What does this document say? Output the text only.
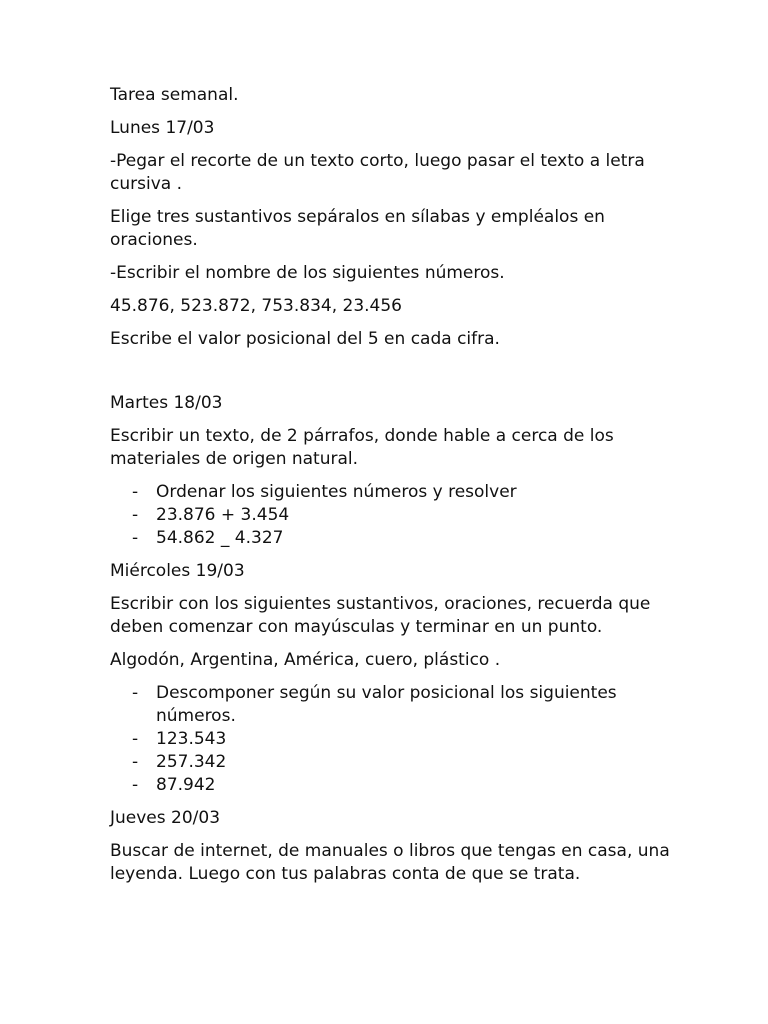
Tarea semanal.

Lunes 17/03

-Pegar el recorte de un texto corto, luego pasar el texto a letra cursiva .

Elige tres sustantivos sepáralos en sílabas y empléalos en oraciones.

-Escribir el nombre de los siguientes números.

45.876, 523.872, 753.834, 23.456

Escribe el valor posicional del 5 en cada cifra.

Martes 18/03

Escribir un texto, de 2 párrafos, donde hable a cerca de los materiales de origen natural.

- Ordenar los siguientes números y resolver
- 23.876 + 3.454
- 54.862 _ 4.327

Miércoles 19/03

Escribir con los siguientes sustantivos, oraciones, recuerda que deben comenzar con mayúsculas y terminar en un punto.

Algodón, Argentina, América, cuero, plástico .

- Descomponer según su valor posicional los siguientes números.
- 123.543
- 257.342
- 87.942

Jueves 20/03

Buscar de internet, de manuales o libros que tengas en casa, una leyenda. Luego con tus palabras conta de que se trata.
